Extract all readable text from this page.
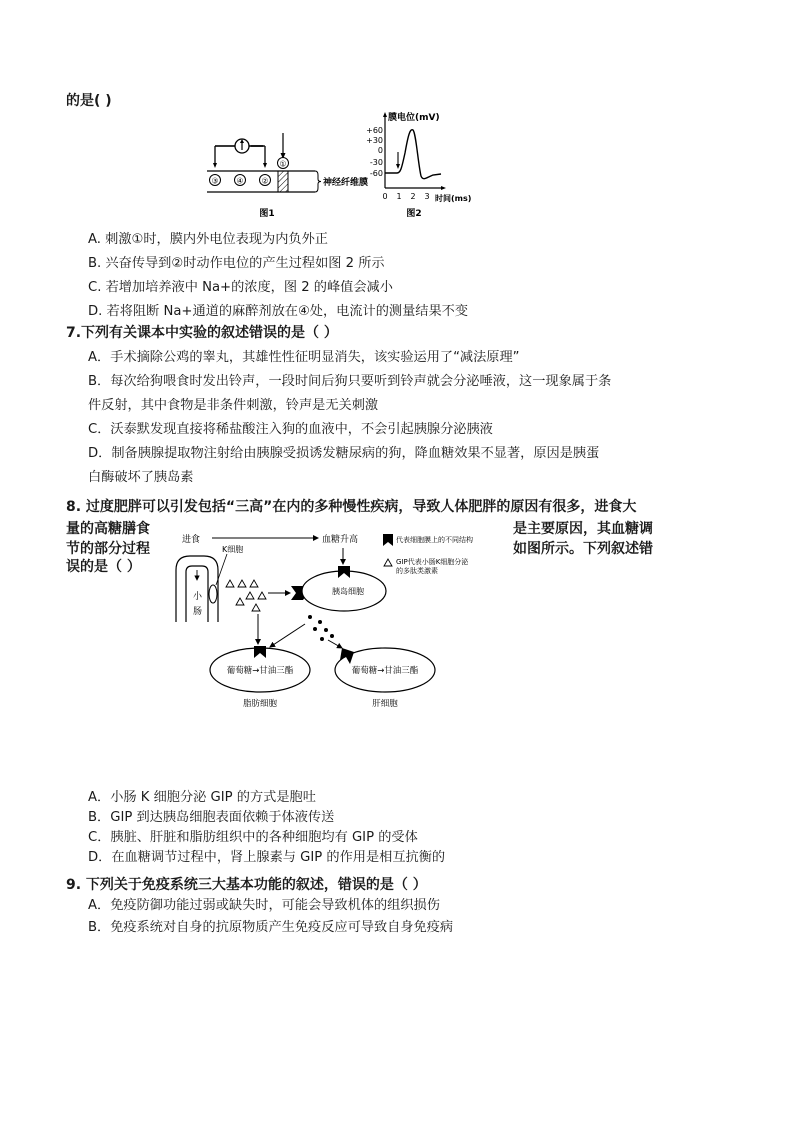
的是( )
③ ④ ②
①
神经纤维膜
图1
膜电位(mV)
+60
+30
0
-30
-60
0 1 2 3 时间(ms)
图2
A. 刺激①时，膜内外电位表现为内负外正
B. 兴奋传导到②时动作电位的产生过程如图 2 所示
C. 若增加培养液中 Na+的浓度，图 2 的峰值会减小
D. 若将阻断 Na+通道的麻醉剂放在④处，电流计的测量结果不变
7.下列有关课本中实验的叙述错误的是（ ）
A．手术摘除公鸡的睾丸，其雄性性征明显消失，该实验运用了“减法原理”
B．每次给狗喂食时发出铃声，一段时间后狗只要听到铃声就会分泌唾液，这一现象属于条
件反射，其中食物是非条件刺激，铃声是无关刺激
C．沃泰默发现直接将稀盐酸注入狗的血液中，不会引起胰腺分泌胰液
D．制备胰腺提取物注射给由胰腺受损诱发糖尿病的狗，降血糖效果不显著，原因是胰蛋
白酶破坏了胰岛素
8. 过度肥胖可以引发包括“三高”在内的多种慢性疾病，导致人体肥胖的原因有很多，进食大
量的高糖膳食	是主要原因，其血糖调
节的部分过程	如图所示。下列叙述错
误的是（ ）
进食	血糖升高	代表细胞膜上的不同结构
GIP代表小肠K细胞分泌
的多肽类激素
小
肠
K细胞
胰岛细胞
葡萄糖→甘油三酯
脂肪细胞
葡萄糖→甘油三酯
肝细胞
A．小肠 K 细胞分泌 GIP 的方式是胞吐
B．GIP 到达胰岛细胞表面依赖于体液传送
C．胰脏、肝脏和脂肪组织中的各种细胞均有 GIP 的受体
D．在血糖调节过程中，肾上腺素与 GIP 的作用是相互抗衡的
9. 下列关于免疫系统三大基本功能的叙述，错误的是（ ）
A．免疫防御功能过弱或缺失时，可能会导致机体的组织损伤
B．免疫系统对自身的抗原物质产生免疫反应可导致自身免疫病
